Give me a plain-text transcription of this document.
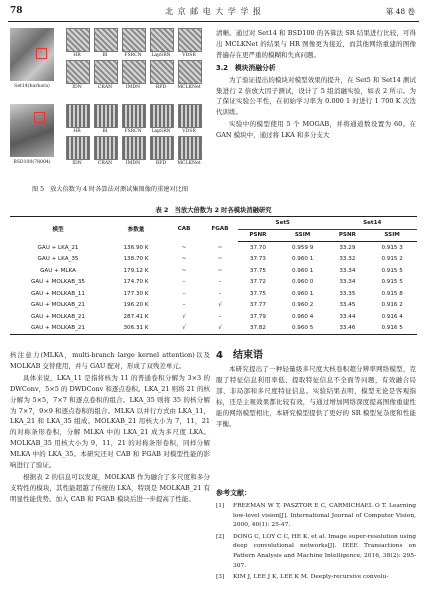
78	北 京 邮 电 大 学 学 报	第 48 卷
Set14(barbara)
BSD100(78004)
HR	BI	FSRCN	LapSRN	VDSR
IDN	CRAN	IMDN	RFD	MCLKNet
HR	BI	FSRCN	LapSRN	VDSR
IDN	CRAN	IMDN	RFD	MCLKNet
图 5　放大倍数为 4 时各算法对测试集图像的重建对比图

清晰。通过对 Set14 和 BSD100 的各算法 SR 结果进行比较，可得出 MCLKNet 的结果与 HR 图像更为接近，而其他网络重建的图像普遍存在更严重的模糊和失真问题。

3.2　模块消融分析

为了验证提出的模块对模型效果的提升，在 Set5 和 Set14 测试集进行 2 倍放大因子测试，设计了 5 组消融实验，如表 2 所示。为了保证实验公平性，在初始学习率为 0.000 1 时进行 1 700 K 次迭代训练。

实验中的模型使用 5 个 MOGAB，并将通道数设置为 60。在 GAN 模块中，通过将 LKA 和多分支大

表 2　当放大倍数为 2 时各模块消融研究
模型	参数量	CAB	FGAB	Set5		Set14	
				PSNR	SSIM	PSNR	SSIM
GAU + LKA_21	136.90 K	~	~	37.70	0.959 9	33.29	0.915 3
GAU + LKA_35	138.70 K	~	~	37.73	0.960 1	33.32	0.915 2
GAU + MLKA	179.12 K	~	~	37.75	0.960 1	33.34	0.915 5
GAU + MOLKAB_35	174.70 K	–	–	37.72	0.960 0	33.34	0.915 5
GAU + MOLKAB_11	177.30 K	–	–	37.75	0.960 1	33.35	0.915 8
GAU + MOLKAB_21	196.20 K	–	√	37.77	0.960 2	33.45	0.916 2
GAU + MOLKAB_21	287.41 K	√	–	37.79	0.960 4	33.44	0.916 4
GAU + MOLKAB_21	306.31 K	√	√	37.82	0.960 5	33.46	0.916 5

核注意力(MLKA，multi-branch large kernel attention)以及 MOLKAB 交替使用，并与 GAU 配对，形成了双残差单元。

具体来说，LKA_11 是指将核为 11 的普通卷积分解为 3×3 的 DWConv，5×5 的 DWDConv 和逐点卷积。LKA_21 则将 21 的核分解为 5×5，7×7 和逐点卷积的组合。LKA_35 则将 35 的核分解为 7×7，9×9 和逐点卷积的组合。MLKA 以并行方式由 LKA_11，LKA_21 和 LKA_35 组成。MOLKAB_21 用核大小为 7，11，21 的对称条形卷积，分解 MLKA 中的 LKA_21 成为多尺度 LKA。MOLKAB_35 用核大小为 9，11，21 的对称条形卷积，同样分解 MLKA 中的 LKA_35。本研究还对 CAB 和 FGAB 对模型性能的影响进行了验证。

根据表 2 的信息可以发现，MOLKAB 作为融合了多尺度和多分支特性的模块，其性能超越了传统的 LKA，特别是 MOLKAB_21 有明显性能优势。加入 CAB 和 FGAB 模块后进一步提高了性能。

4　结束语

本研究提出了一种轻量级多尺度大核卷积超分辨率网络模型，克服了特征信息利用率低、提取特征信息不全面等问题，有效融合局部、非局部和多尺度特征信息。实验结果表明，模型无论是客观指标，还是主观效果都比较有效，与通过增加网络深度提高图像重建性能的网络模型相比，本研究模型提供了更好的 SR 模型复杂度和性能平衡。

参考文献：
[1] FREEMAN W T, PASZTOR E C, CARMICHAEL O T. Learning low-level vision[J]. International Journal of Computer Vision, 2000, 40(1): 25-47.
[2] DONG C, LOY C C, HE K, et al. Image super-resolution using deep convolutional networks[J]. IEEE Transactions on Pattern Analysis and Machine Intelligence, 2016, 38(2): 295-307.
[3] KIM J, LEE J K, LEE K M. Deeply-recursive convolu-
